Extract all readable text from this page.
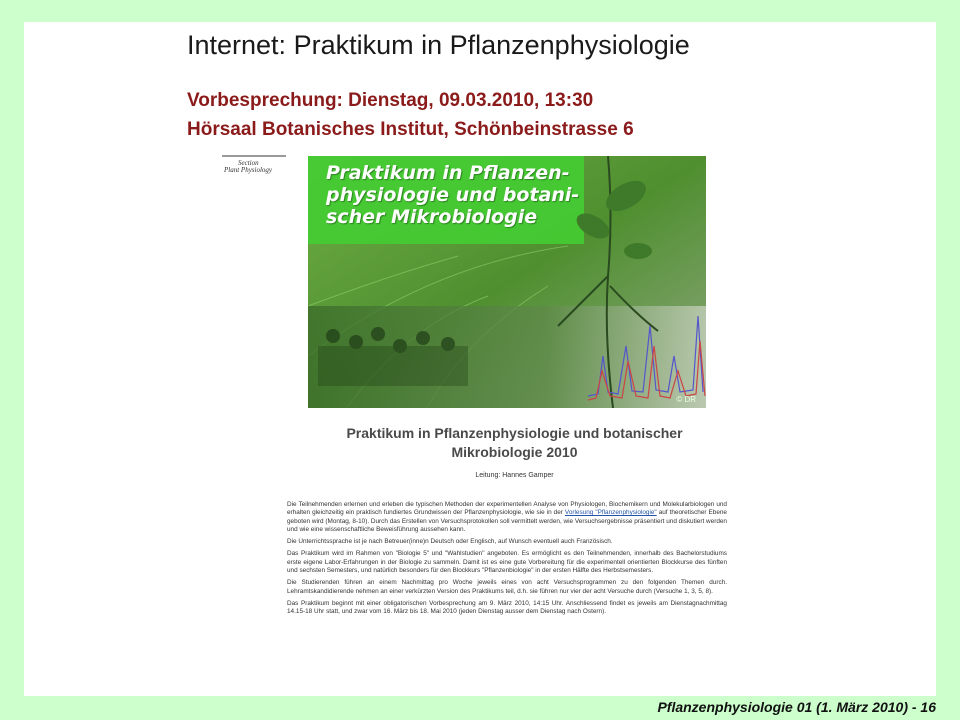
Internet: Praktikum in Pflanzenphysiologie
Vorbesprechung: Dienstag, 09.03.2010, 13:30
Hörsaal Botanisches Institut, Schönbeinstrasse 6
Section
Plant Physiology	Praktikum in Pflanzen-physiologie und botani-scher Mikrobiologie
© DR
Praktikum in Pflanzenphysiologie und botanischer Mikrobiologie 2010
Leitung: Hannes Gamper

Die Teilnehmenden erlernen und erleben die typischen Methoden der experimentellen Analyse von Physiologen, Biochemikern und Molekularbiologen und erhalten gleichzeitig ein praktisch fundiertes Grundwissen der Pflanzenphysiologie, wie sie in der Vorlesung "Pflanzenphysiologie" auf theoretischer Ebene geboten wird (Montag, 8-10). Durch das Erstellen von Versuchsprotokollen soll vermittelt werden, wie Versuchsergebnisse präsentiert und diskutiert werden und wie eine wissenschaftliche Beweisführung aussehen kann.

Die Unterrichtssprache ist je nach Betreuer(inne)n Deutsch oder Englisch, auf Wunsch eventuell auch Französisch.

Das Praktikum wird im Rahmen von "Biologie 5" und "Wahlstudien" angeboten. Es ermöglicht es den Teilnehmenden, innerhalb des Bachelorstudiums erste eigene Labor-Erfahrungen in der Biologie zu sammeln. Damit ist es eine gute Vorbereitung für die experimentell orientierten Blockkurse des fünften und sechsten Semesters, und natürlich besonders für den Blockkurs "Pflanzenbiologie" in der ersten Hälfte des Herbstsemesters.

Die Studierenden führen an einem Nachmittag pro Woche jeweils eines von acht Versuchsprogrammen zu den folgenden Themen durch. Lehramtskandidierende nehmen an einer verkürzten Version des Praktikums teil, d.h. sie führen nur vier der acht Versuche durch (Versuche 1, 3, 5, 8).

Das Praktikum beginnt mit einer obligatorischen Vorbesprechung am 9. März 2010, 14:15 Uhr. Anschliessend findet es jeweils am Dienstagnachmittag 14.15-18 Uhr statt, und zwar vom 16. März bis 18. Mai 2010 (jeden Dienstag ausser dem Dienstag nach Ostern).

Pflanzenphysiologie 01 (1. März 2010) - 16
